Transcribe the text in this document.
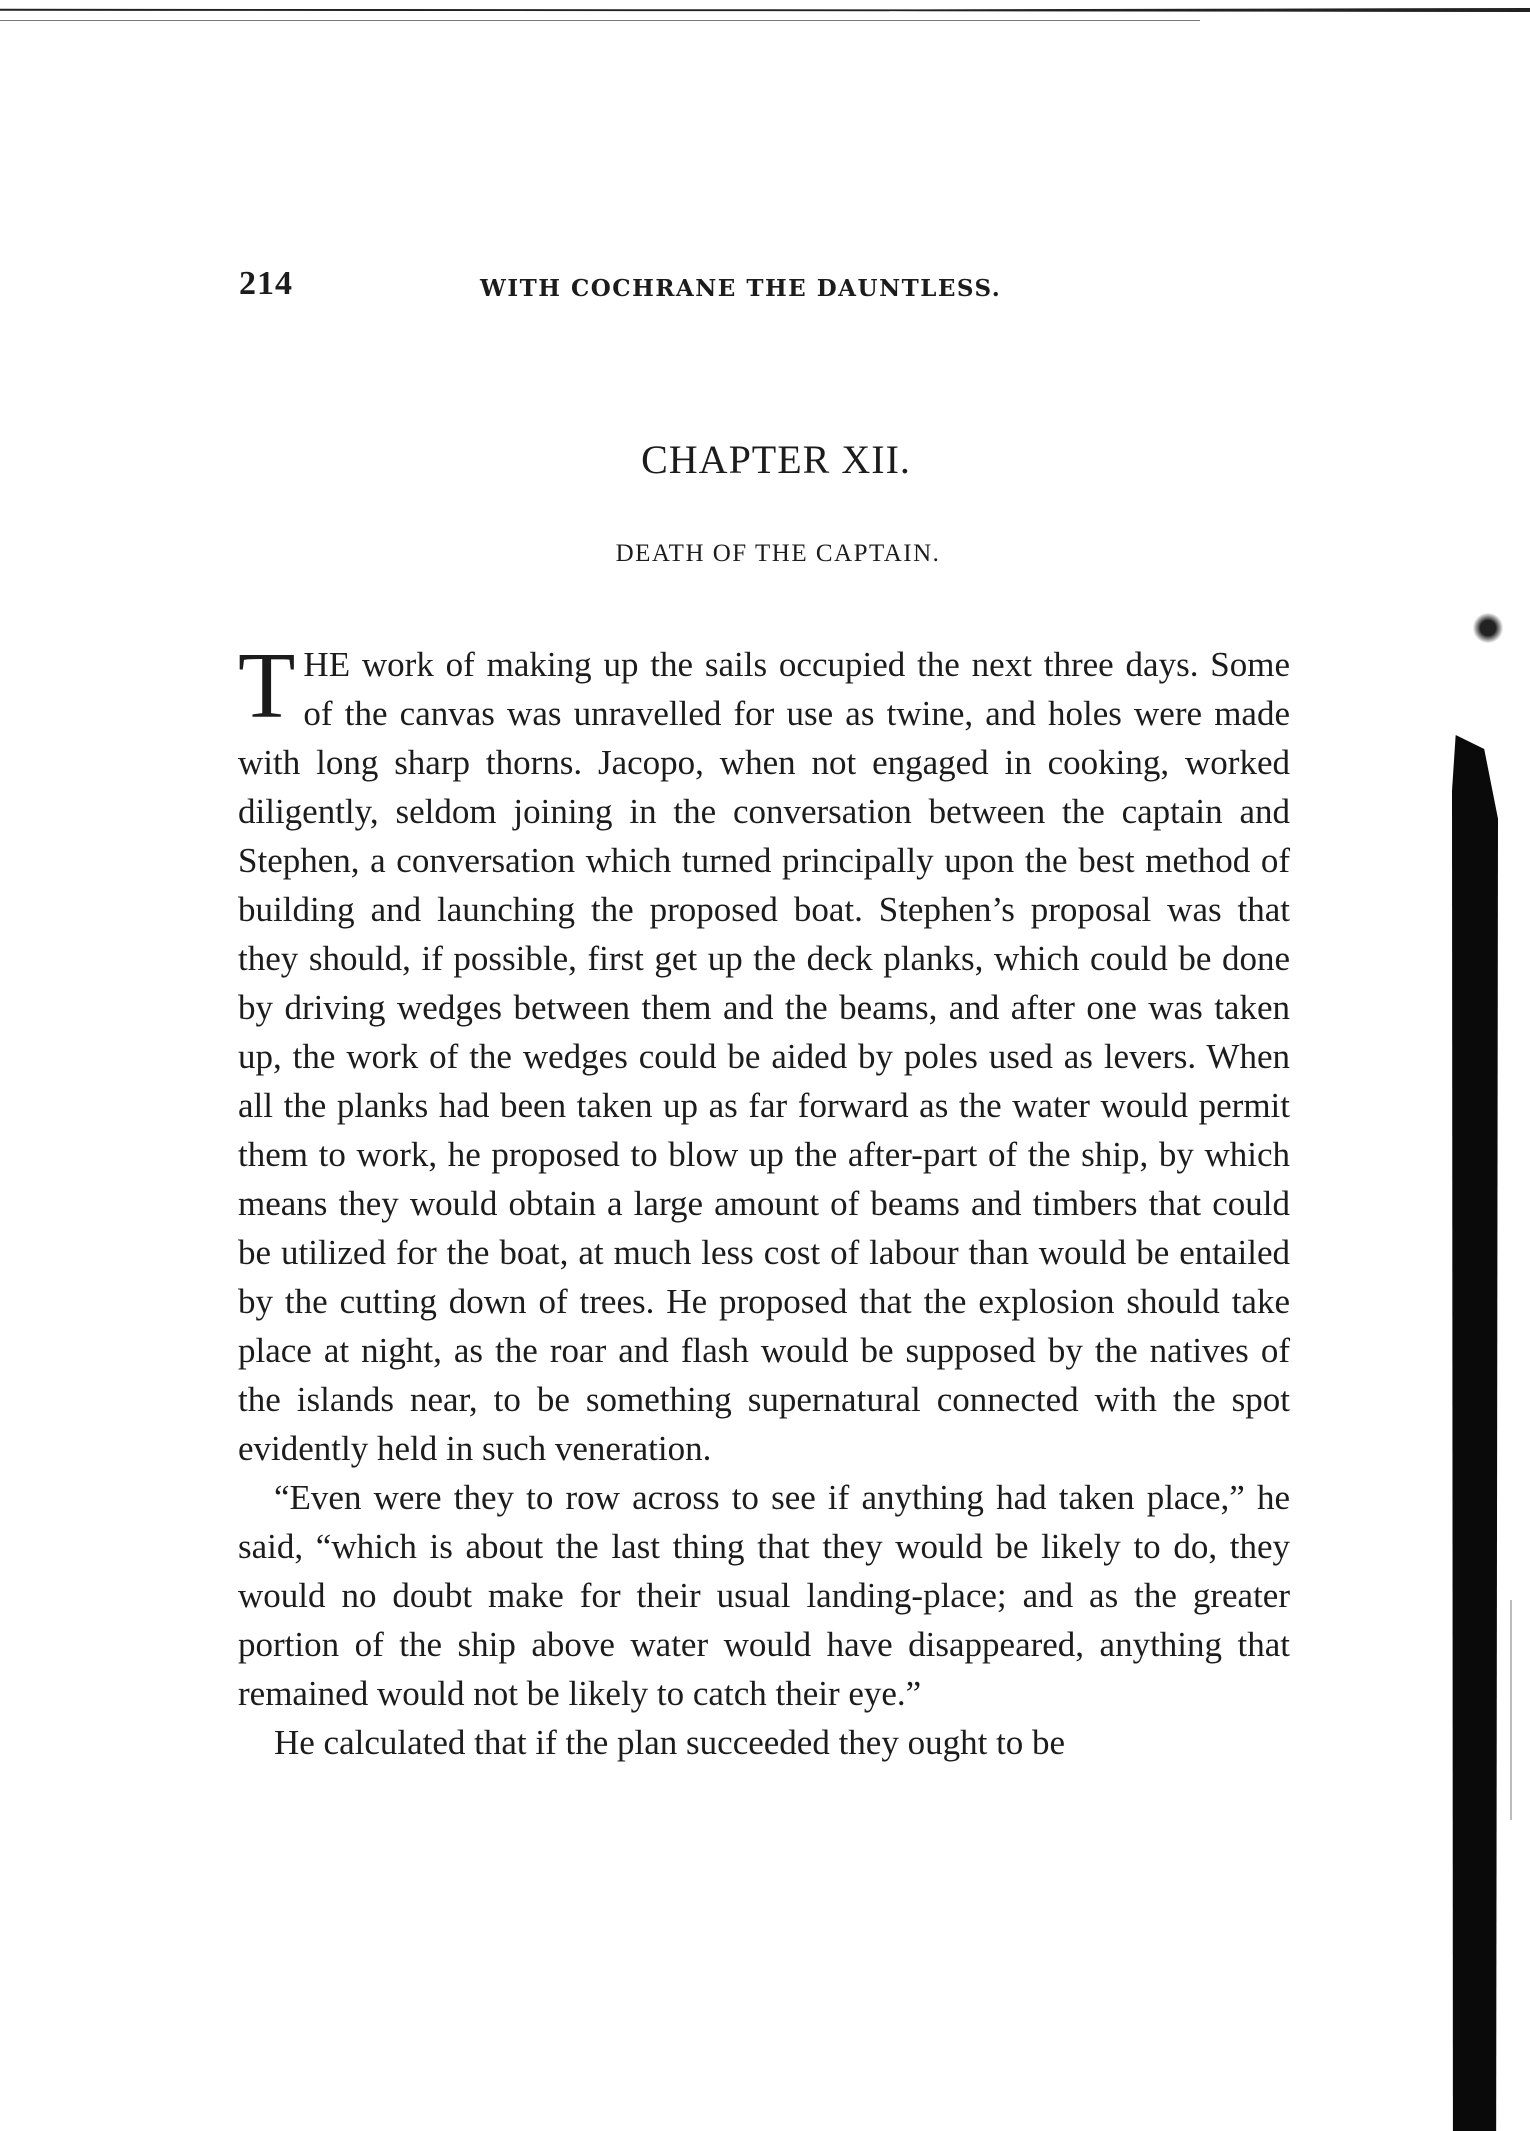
214	WITH COCHRANE THE DAUNTLESS.
CHAPTER XII.
DEATH OF THE CAPTAIN.

THE work of making up the sails occupied the next three days. Some of the canvas was unravelled for use as twine, and holes were made with long sharp thorns. Jacopo, when not engaged in cooking, worked diligently, seldom joining in the conversation between the captain and Stephen, a conversation which turned principally upon the best method of building and launching the proposed boat. Stephen’s proposal was that they should, if possible, first get up the deck planks, which could be done by driving wedges between them and the beams, and after one was taken up, the work of the wedges could be aided by poles used as levers. When all the planks had been taken up as far forward as the water would permit them to work, he proposed to blow up the after-part of the ship, by which means they would obtain a large amount of beams and timbers that could be utilized for the boat, at much less cost of labour than would be entailed by the cutting down of trees. He proposed that the explosion should take place at night, as the roar and flash would be supposed by the natives of the islands near, to be something supernatural connected with the spot evidently held in such veneration.

“Even were they to row across to see if anything had taken place,” he said, “which is about the last thing that they would be likely to do, they would no doubt make for their usual landing-place; and as the greater portion of the ship above water would have disappeared, anything that remained would not be likely to catch their eye.”

He calculated that if the plan succeeded they ought to be
